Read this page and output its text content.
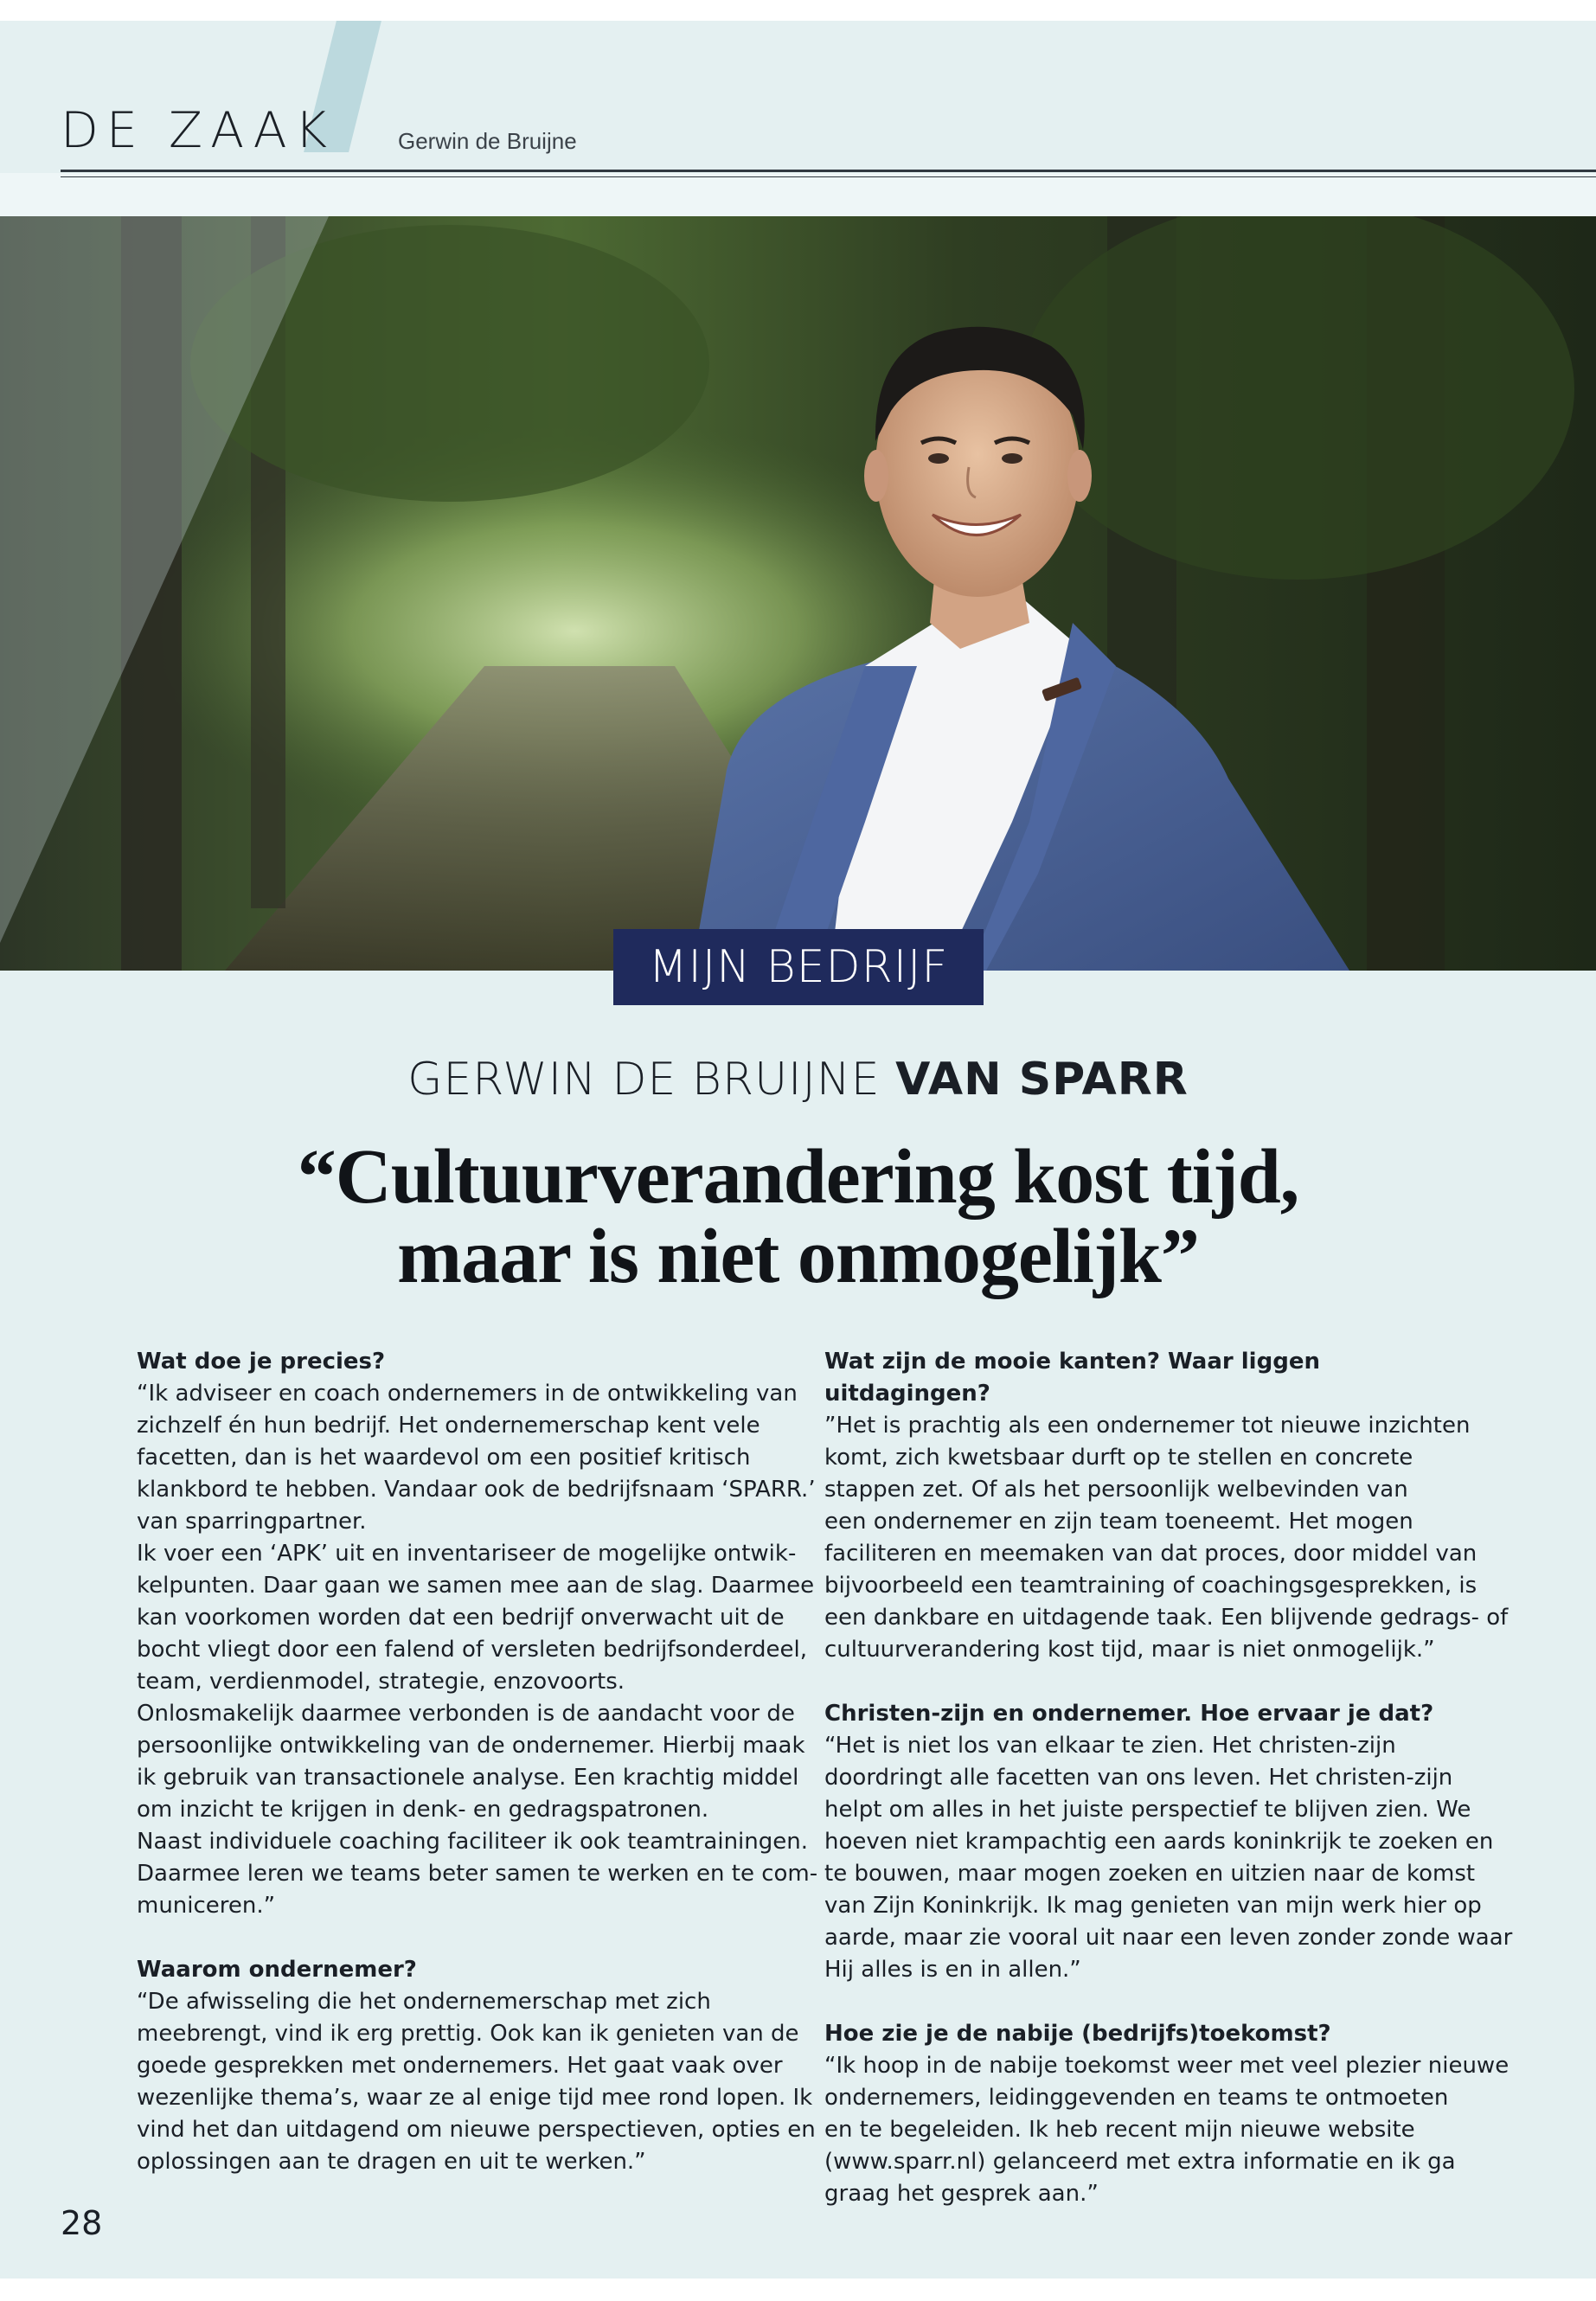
DE ZAAK	Gerwin de Bruijne
MIJN BEDRIJF
GERWIN DE BRUIJNE VAN SPARR
“Cultuurverandering kost tijd,
maar is niet onmogelijk”
Wat doe je precies?
“Ik adviseer en coach ondernemers in de ontwikkeling van
zichzelf én hun bedrijf. Het ondernemerschap kent vele
facetten, dan is het waardevol om een positief kritisch
klankbord te hebben. Vandaar ook de bedrijfsnaam ‘SPARR.’
van sparringpartner.
Ik voer een ‘APK’ uit en inventariseer de mogelijke ontwik-
kelpunten. Daar gaan we samen mee aan de slag. Daarmee
kan voorkomen worden dat een bedrijf onverwacht uit de
bocht vliegt door een falend of versleten bedrijfsonderdeel,
team, verdienmodel, strategie, enzovoorts.
Onlosmakelijk daarmee verbonden is de aandacht voor de
persoonlijke ontwikkeling van de ondernemer. Hierbij maak
ik gebruik van transactionele analyse. Een krachtig middel
om inzicht te krijgen in denk- en gedragspatronen.
Naast individuele coaching faciliteer ik ook teamtrainingen.
Daarmee leren we teams beter samen te werken en te com-
municeren.”
Waarom ondernemer?
“De afwisseling die het ondernemerschap met zich
meebrengt, vind ik erg prettig. Ook kan ik genieten van de
goede gesprekken met ondernemers. Het gaat vaak over
wezenlijke thema’s, waar ze al enige tijd mee rond lopen. Ik
vind het dan uitdagend om nieuwe perspectieven, opties en
oplossingen aan te dragen en uit te werken.”
Wat zijn de mooie kanten? Waar liggen uitdagingen?
”Het is prachtig als een ondernemer tot nieuwe inzichten
komt, zich kwetsbaar durft op te stellen en concrete
stappen zet. Of als het persoonlijk welbevinden van
een ondernemer en zijn team toeneemt. Het mogen
faciliteren en meemaken van dat proces, door middel van
bijvoorbeeld een teamtraining of coachingsgesprekken, is
een dankbare en uitdagende taak. Een blijvende gedrags- of
cultuurverandering kost tijd, maar is niet onmogelijk.”
Christen-zijn en ondernemer. Hoe ervaar je dat?
“Het is niet los van elkaar te zien. Het christen-zijn
doordringt alle facetten van ons leven. Het christen-zijn
helpt om alles in het juiste perspectief te blijven zien. We
hoeven niet krampachtig een aards koninkrijk te zoeken en
te bouwen, maar mogen zoeken en uitzien naar de komst
van Zijn Koninkrijk. Ik mag genieten van mijn werk hier op
aarde, maar zie vooral uit naar een leven zonder zonde waar
Hij alles is en in allen.”
Hoe zie je de nabije (bedrijfs)toekomst?
“Ik hoop in de nabije toekomst weer met veel plezier nieuwe
ondernemers, leidinggevenden en teams te ontmoeten
en te begeleiden. Ik heb recent mijn nieuwe website
(www.sparr.nl) gelanceerd met extra informatie en ik ga
graag het gesprek aan.”
28
